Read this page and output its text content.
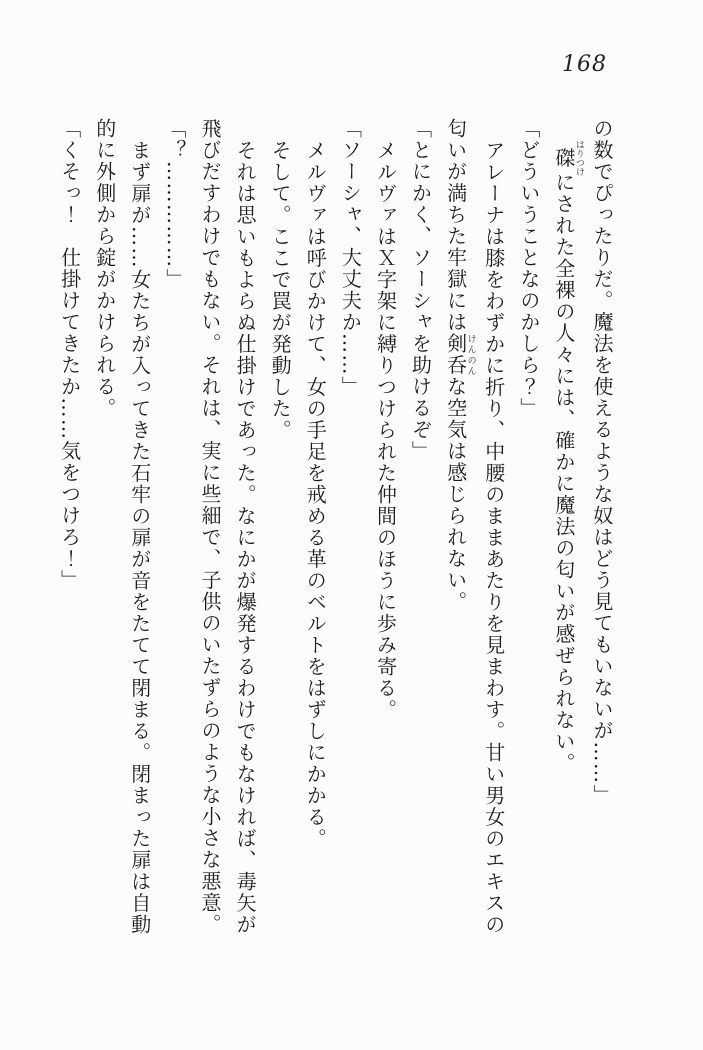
168
の数でぴったりだ。魔法を使えるような奴はどう見てもいないが……」
磔はりつけにされた全裸の人々には、確かに魔法の匂いが感ぜられない。
「どういうことなのかしら？」
アレーナは膝をわずかに折り、中腰のままあたりを見まわす。甘い男女のエキスの
匂いが満ちた牢獄には剣呑けんのんな空気は感じられない。
「とにかく、ソーシャを助けるぞ」
メルヴァはＸ字架に縛りつけられた仲間のほうに歩み寄る。
「ソーシャ、大丈夫か……」
メルヴァは呼びかけて、女の手足を戒める革のベルトをはずしにかかる。
そして。ここで罠が発動した。
それは思いもよらぬ仕掛けであった。なにかが爆発するわけでもなければ、毒矢が
飛びだすわけでもない。それは、実に些細で、子供のいたずらのような小さな悪意。
「？……………」
まず扉が……女たちが入ってきた石牢の扉が音をたてて閉まる。閉まった扉は自動
的に外側から錠がかけられる。
「くそっ！　仕掛けてきたか……気をつけろ！」
